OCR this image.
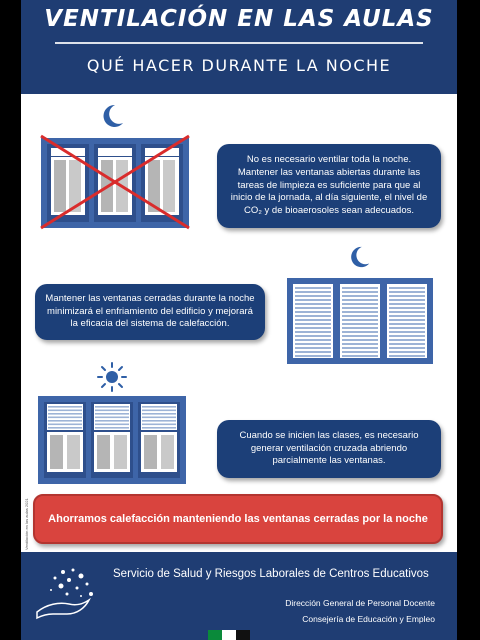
VENTILACIÓN EN LAS AULAS
QUÉ HACER DURANTE LA NOCHE
No es necesario ventilar toda la noche. Mantener las ventanas abiertas durante las tareas de limpieza es suficiente para que al inicio de la jornada, al día siguiente, el nivel de CO₂ y de bioaerosoles sean adecuados.
Mantener las ventanas cerradas durante la noche minimizará el enfriamiento del edificio y mejorará la eficacia del sistema de calefacción.
Cuando se inicien las clases, es necesario generar ventilación cruzada abriendo parcialmente las ventanas.
Ahorramos calefacción manteniendo las ventanas cerradas por la noche
Ventilación en las aulas 2021
Servicio de Salud y Riesgos Laborales de Centros Educativos
Dirección General de Personal Docente
Consejería de Educación y Empleo
